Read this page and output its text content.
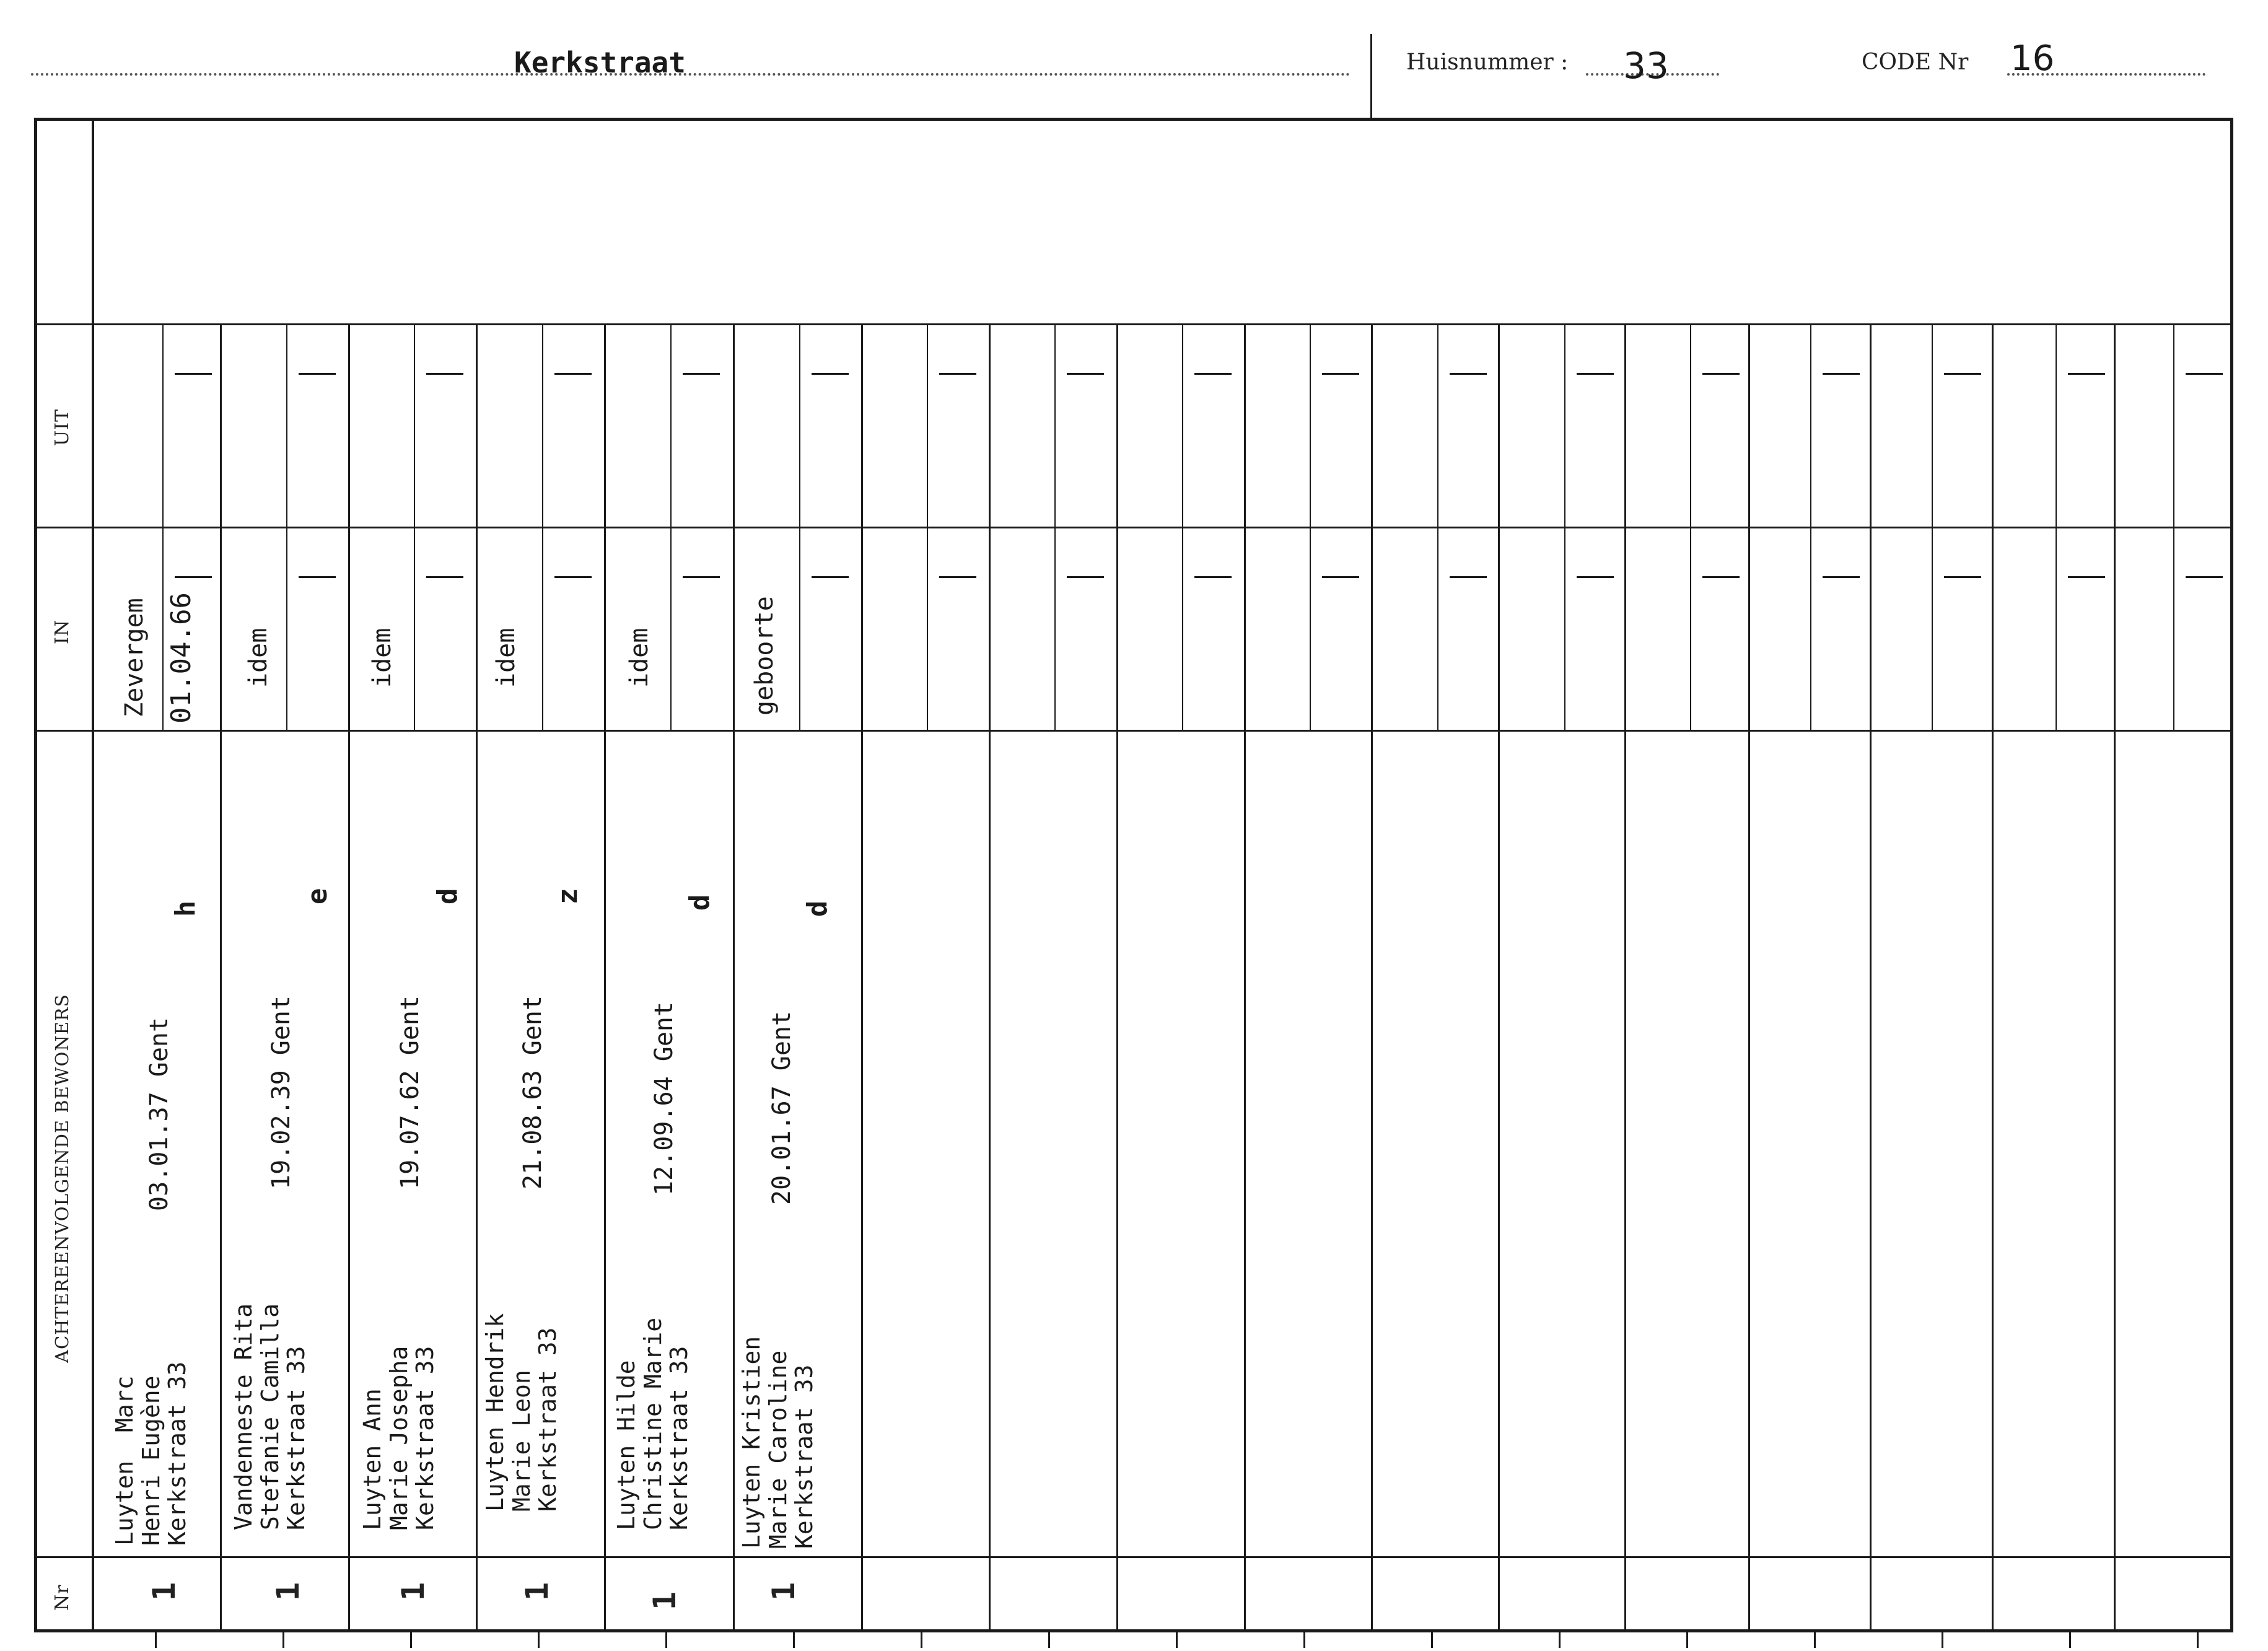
Kerkstraat	Huisnummer : 33	CODE Nr 16
UIT
IN
ACHTEREENVOLGENDE BEWONERS
Nr
Luyten  Marc
Henri Eugène
Kerkstraat 33
03.01.37 Gent
h
Zevergem 01.04.66
1
Vandenneste Rita
Stefanie Camilla
Kerkstraat 33
19.02.39 Gent
e
idem
1
Luyten Ann
Marie Josepha
Kerkstraat 33
19.07.62 Gent
d
idem
1
Luyten Hendrik
Marie Leon
Kerkstraat 33
21.08.63 Gent
z
idem
1
Luyten Hilde
Christine Marie
Kerkstraat 33
12.09.64 Gent
d
idem
1
Luyten Kristien
Marie Caroline
Kerkstraat 33
20.01.67 Gent
d
geboorte
1
